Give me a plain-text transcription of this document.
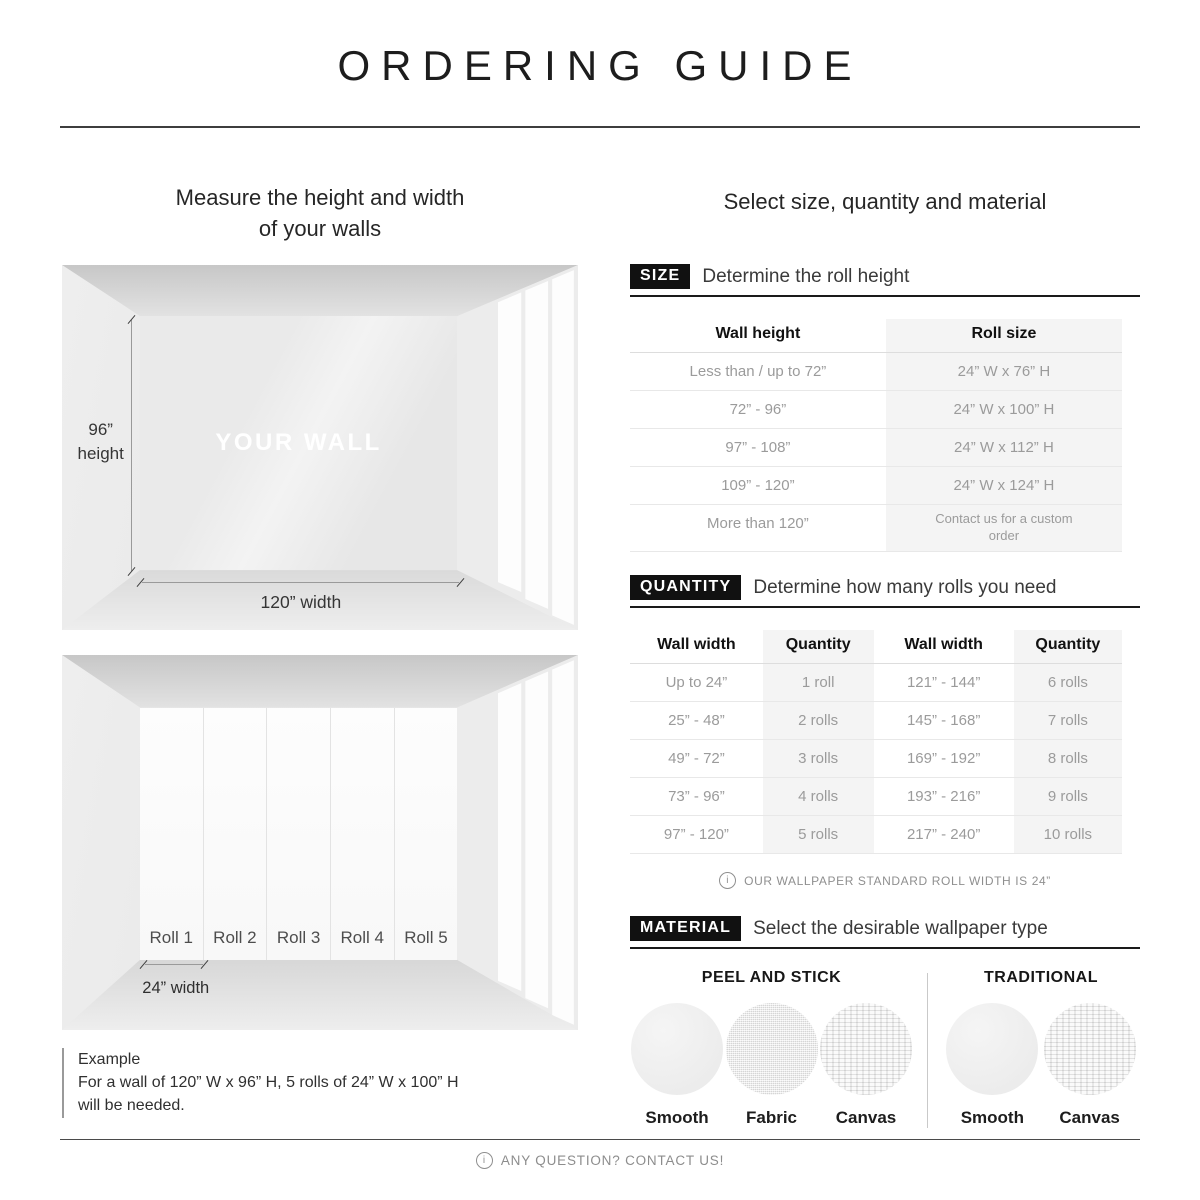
ORDERING GUIDE
Measure the height and width
of your walls
YOUR WALL
96”
height
120” width
Roll 1	Roll 2	Roll 3	Roll 4	Roll 5
24” width
Example
For a wall of 120” W x 96” H, 5 rolls of 24” W x 100” H
will be needed.
Select size, quantity and material
SIZE	Determine the roll height
Wall height	Roll size
Less than / up to 72”	24” W x 76” H
72” - 96”	24” W x 100” H
97” - 108”	24” W x 112” H
109” - 120”	24” W x 124” H
More than 120”	Contact us for a custom order
QUANTITY	Determine how many rolls you need
Wall width	Quantity	Wall width	Quantity
Up to 24”	1 roll	121” - 144”	6 rolls
25” - 48”	2 rolls	145” - 168”	7 rolls
49” - 72”	3 rolls	169” - 192”	8 rolls
73” - 96”	4 rolls	193” - 216”	9 rolls
97” - 120”	5 rolls	217” - 240”	10 rolls
i	OUR WALLPAPER STANDARD ROLL WIDTH IS 24”
MATERIAL	Select the desirable wallpaper type
PEEL AND STICK
Smooth	Fabric	Canvas
TRADITIONAL
Smooth	Canvas
i	ANY QUESTION? CONTACT US!
